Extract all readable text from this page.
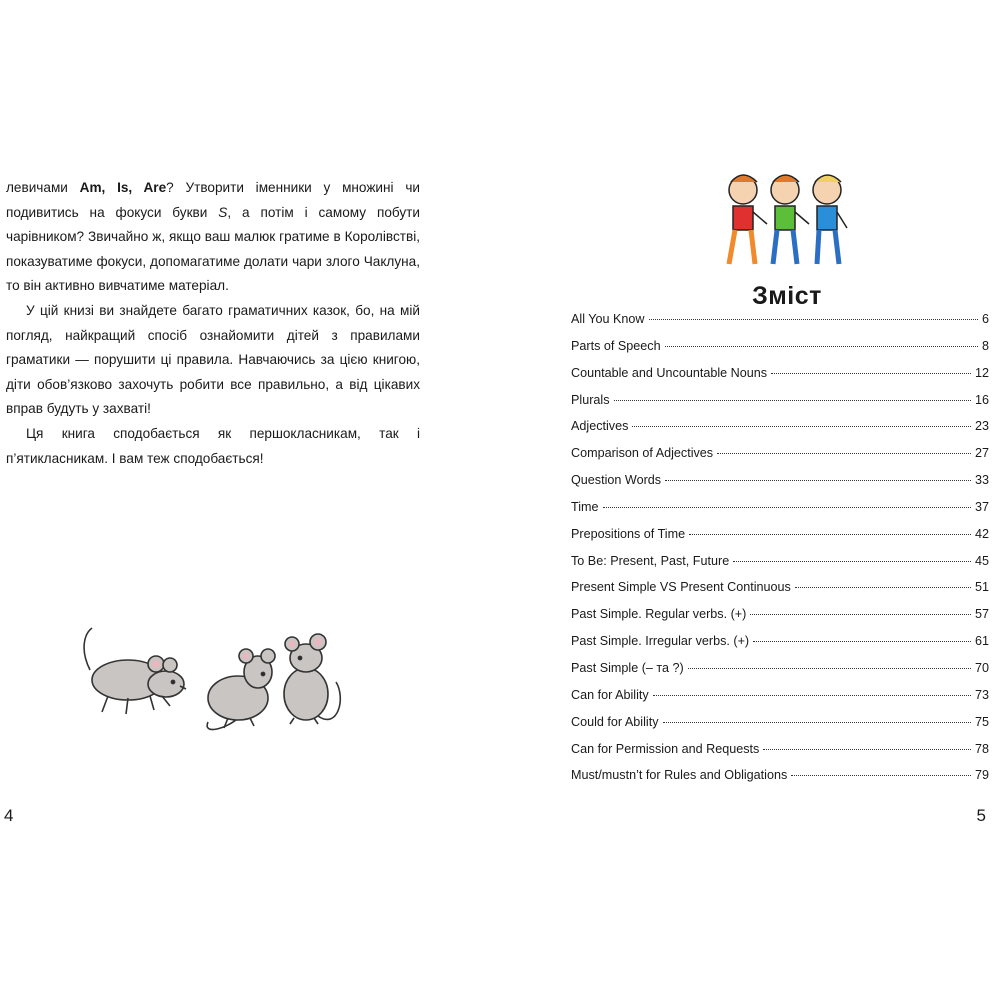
левичами Am, Is, Are? Утворити іменники у множині чи подивитись на фокуси букви S, а потім і самому побути чарівником? Звичайно ж, якщо ваш малюк гратиме в Королівстві, показуватиме фокуси, допомагатиме долати чари злого Чаклуна, то він активно вивчатиме матеріал.

У цій книзі ви знайдете багато граматичних казок, бо, на мій погляд, найкращий спосіб ознайомити дітей з правилами граматики — порушити ці правила. Навчаючись за цією книгою, діти обов’язково захочуть робити все правильно, а від цікавих вправ будуть у захваті!

Ця книга сподобається як першокласникам, так і п’ятикласникам. І вам теж сподобається!

4
Зміст
All You Know	6
Parts of Speech	8
Countable and Uncountable Nouns	12
Plurals	16
Adjectives	23
Comparison of Adjectives	27
Question Words	33
Time	37
Prepositions of Time	42
To Be: Present, Past, Future	45
Present Simple VS Present Continuous	51
Past Simple. Regular verbs. (+)	57
Past Simple. Irregular verbs. (+)	61
Past Simple (– та ?)	70
Can for Ability	73
Could for Ability	75
Can for Permission and Requests	78
Must/mustn’t for Rules and Obligations	79
5
